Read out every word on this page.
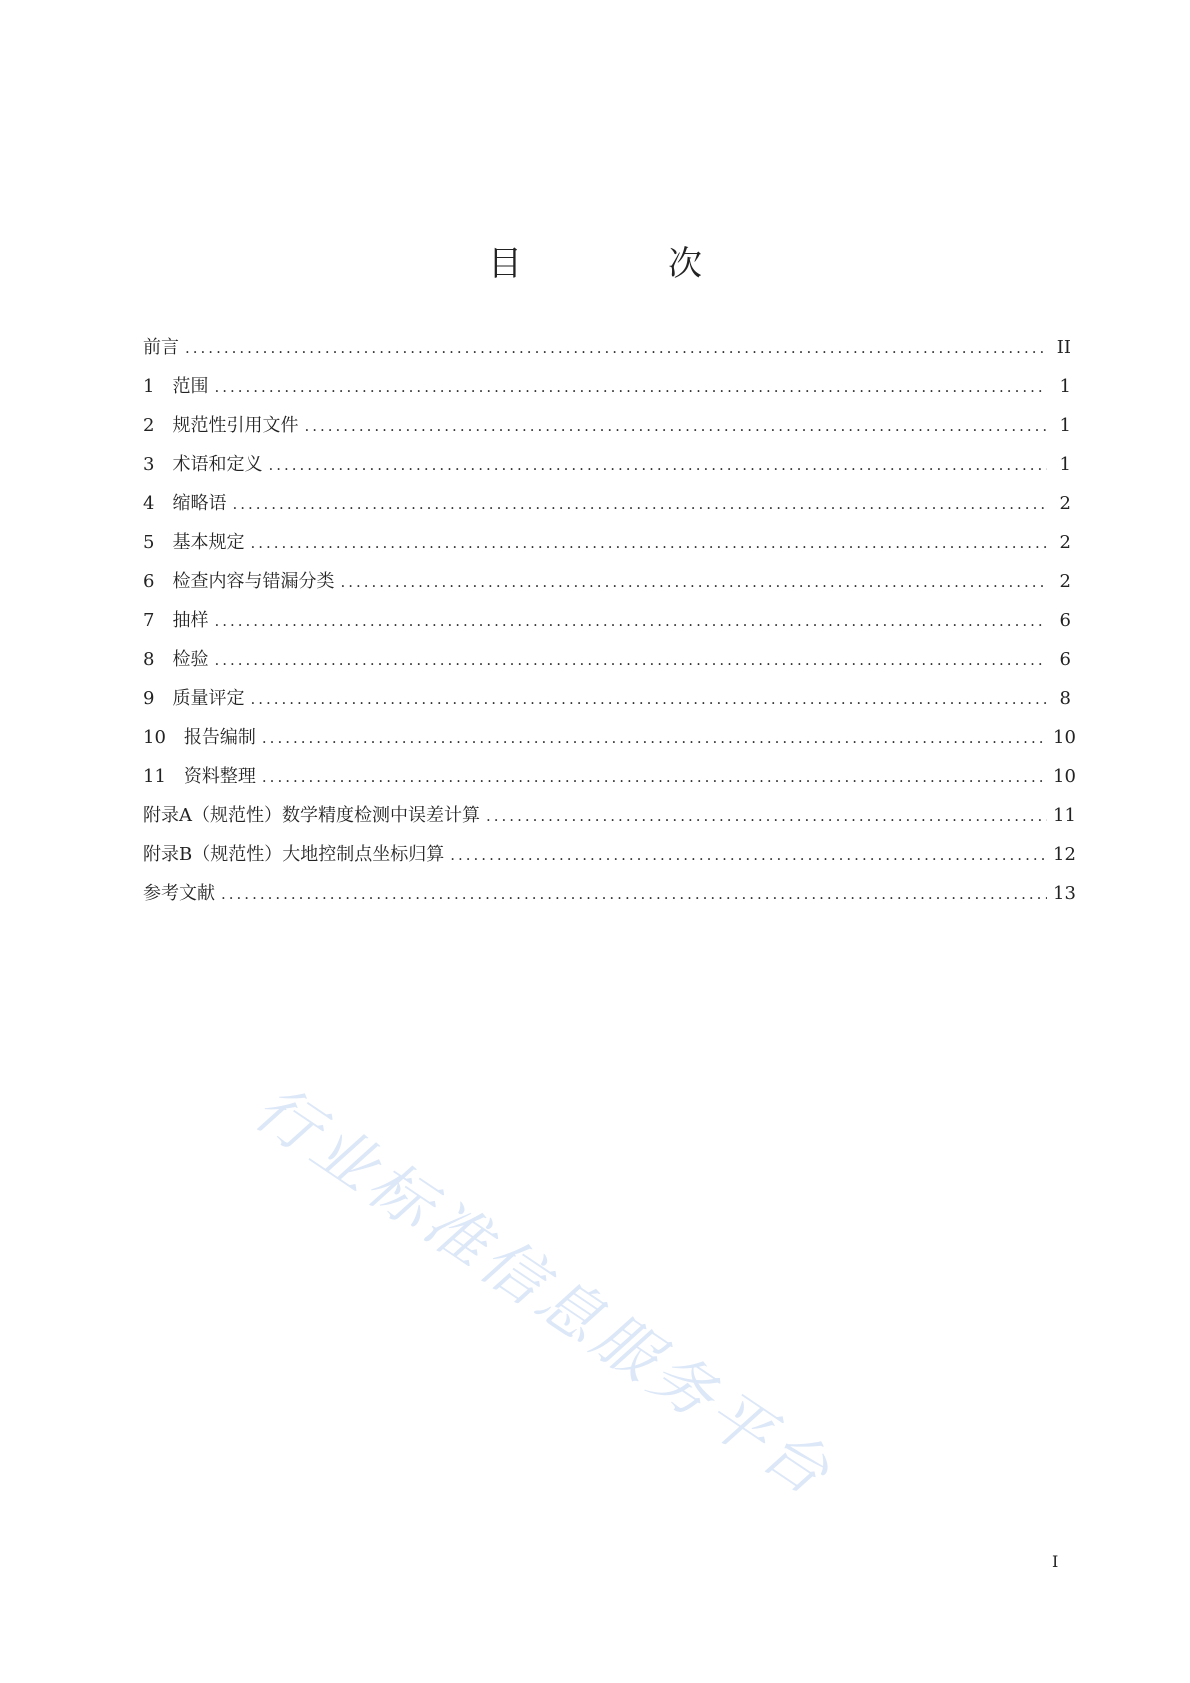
目　次
前言 .....	II
1 范围 .....	1
2 规范性引用文件 .....	1
3 术语和定义 .....	1
4 缩略语 .....	2
5 基本规定 .....	2
6 检查内容与错漏分类 .....	2
7 抽样 .....	6
8 检验 .....	6
9 质量评定 .....	8
10 报告编制 .....	10
11 资料整理 .....	10
附录A（规范性）数学精度检测中误差计算 .....	11
附录B（规范性）大地控制点坐标归算 .....	12
参考文献 .....	13
行业标准信息服务平台
I
